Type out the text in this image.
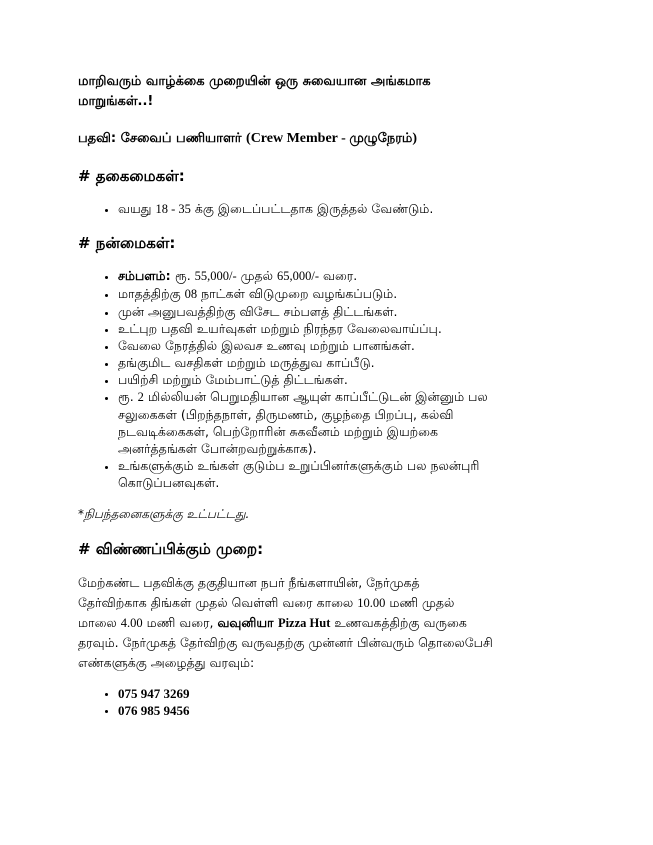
மாறிவரும் வாழ்க்கை முறையின் ஒரு சுவையான அங்கமாக
மாறுங்கள்..!

பதவி: சேவைப் பணியாளர் (Crew Member - முழுநேரம்)

# தகைமைகள்:
• வயது 18 - 35 க்கு இடைப்பட்டதாக இருத்தல் வேண்டும்.
# நன்மைகள்:
• சம்பளம்: ரூ. 55,000/- முதல் 65,000/- வரை.
• மாதத்திற்கு 08 நாட்கள் விடுமுறை வழங்கப்படும்.
• முன் அனுபவத்திற்கு விசேட சம்பளத் திட்டங்கள்.
• உட்புற பதவி உயர்வுகள் மற்றும் நிரந்தர வேலைவாய்ப்பு.
• வேலை நேரத்தில் இலவச உணவு மற்றும் பானங்கள்.
• தங்குமிட வசதிகள் மற்றும் மருத்துவ காப்பீடு.
• பயிற்சி மற்றும் மேம்பாட்டுத் திட்டங்கள்.
• ரூ. 2 மில்லியன் பெறுமதியான ஆயுள் காப்பீட்டுடன் இன்னும் பல
சலுகைகள் (பிறந்தநாள், திருமணம், குழந்தை பிறப்பு, கல்வி
நடவடிக்கைகள், பெற்றோரின் சுகவீனம் மற்றும் இயற்கை
அனர்த்தங்கள் போன்றவற்றுக்காக).
• உங்களுக்கும் உங்கள் குடும்ப உறுப்பினர்களுக்கும் பல நலன்புரி
கொடுப்பனவுகள்.

*நிபந்தனைகளுக்கு உட்பட்டது.

# விண்ணப்பிக்கும் முறை:

மேற்கண்ட பதவிக்கு தகுதியான நபர் நீங்களாயின், நேர்முகத்
தேர்விற்காக திங்கள் முதல் வெள்ளி வரை காலை 10.00 மணி முதல்
மாலை 4.00 மணி வரை, வவுனியா Pizza Hut உணவகத்திற்கு வருகை
தரவும். நேர்முகத் தேர்விற்கு வருவதற்கு முன்னர் பின்வரும் தொலைபேசி
எண்களுக்கு அழைத்து வரவும்:

• 075 947 3269
• 076 985 9456
